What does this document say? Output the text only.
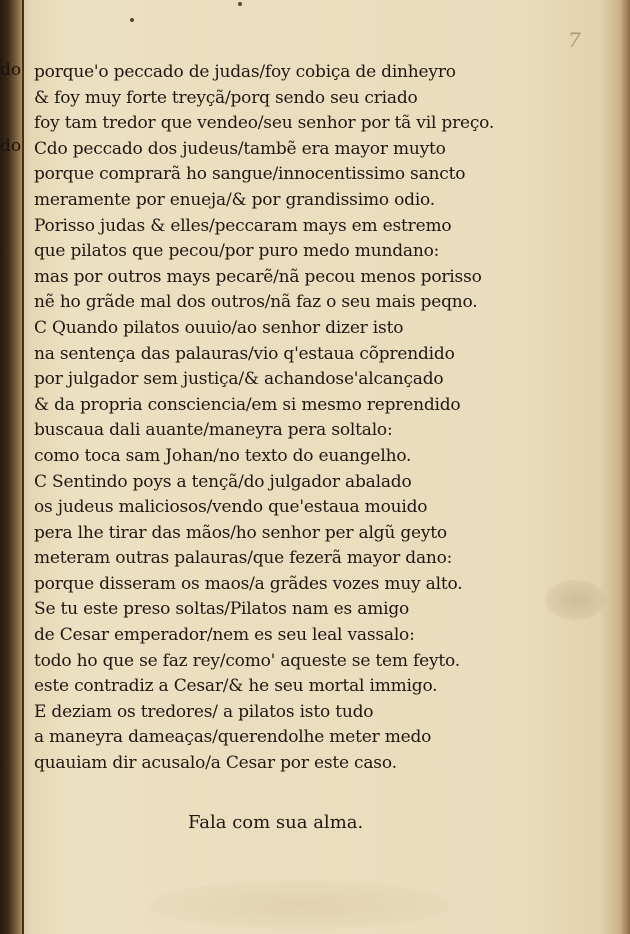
do
do
7
porque'o peccado de judas/foy cobiça de dinheyro
& foy muy forte treyçã/porq sendo seu criado
foy tam tredor que vendeo/seu senhor por tã vil preço.
Cdo peccado dos judeus/tambẽ era mayor muyto
porque comprarã ho sangue/innocentissimo sancto
meramente por enueja/& por grandissimo odio.
Porisso judas & elles/peccaram mays em estremo
que pilatos que pecou/por puro medo mundano:
mas por outros mays pecarẽ/nã pecou menos porisso
nẽ ho grãde mal dos outros/nã faz o seu mais peqno.
C Quando pilatos ouuio/ao senhor dizer isto
na sentença das palauras/vio q'estaua cõprendido
por julgador sem justiça/& achandose'alcançado
& da propria consciencia/em si mesmo reprendido
buscaua dali auante/maneyra pera soltalo:
como toca sam Johan/no texto do euangelho.
C Sentindo poys a tençã/do julgador abalado
os judeus maliciosos/vendo que'estaua mouido
pera lhe tirar das mãos/ho senhor per algũ geyto
meteram outras palauras/que fezerã mayor dano:
porque disseram os maos/a grãdes vozes muy alto.
Se tu este preso soltas/Pilatos nam es amigo
de Cesar emperador/nem es seu leal vassalo:
todo ho que se faz rey/como' aqueste se tem feyto.
este contradiz a Cesar/& he seu mortal immigo.
E deziam os tredores/ a pilatos isto tudo
a maneyra dameaças/querendolhe meter medo
quauiam dir acusalo/a Cesar por este caso.
Fala com sua alma.
